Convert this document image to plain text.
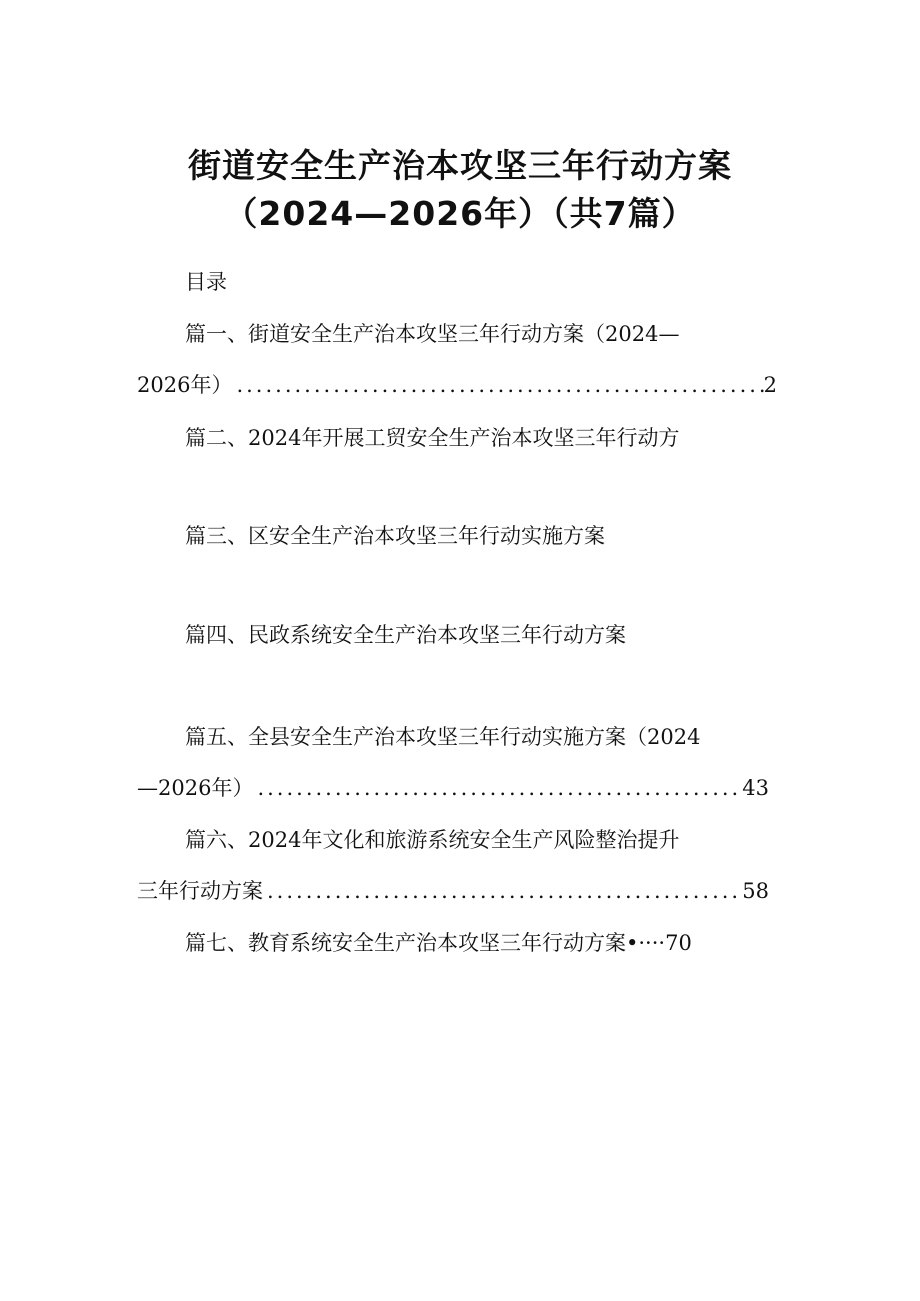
街道安全生产治本攻坚三年行动方案
（2024—2026年）（共7篇）
目录
篇一、街道安全生产治本攻坚三年行动方案（2024—
2026年） .....	2
篇二、2024年开展工贸安全生产治本攻坚三年行动方
篇三、区安全生产治本攻坚三年行动实施方案
篇四、民政系统安全生产治本攻坚三年行动方案
篇五、全县安全生产治本攻坚三年行动实施方案（2024
—2026年） .....	43
篇六、2024年文化和旅游系统安全生产风险整治提升
三年行动方案 .....	58
篇七、教育系统安全生产治本攻坚三年行动方案•····70
